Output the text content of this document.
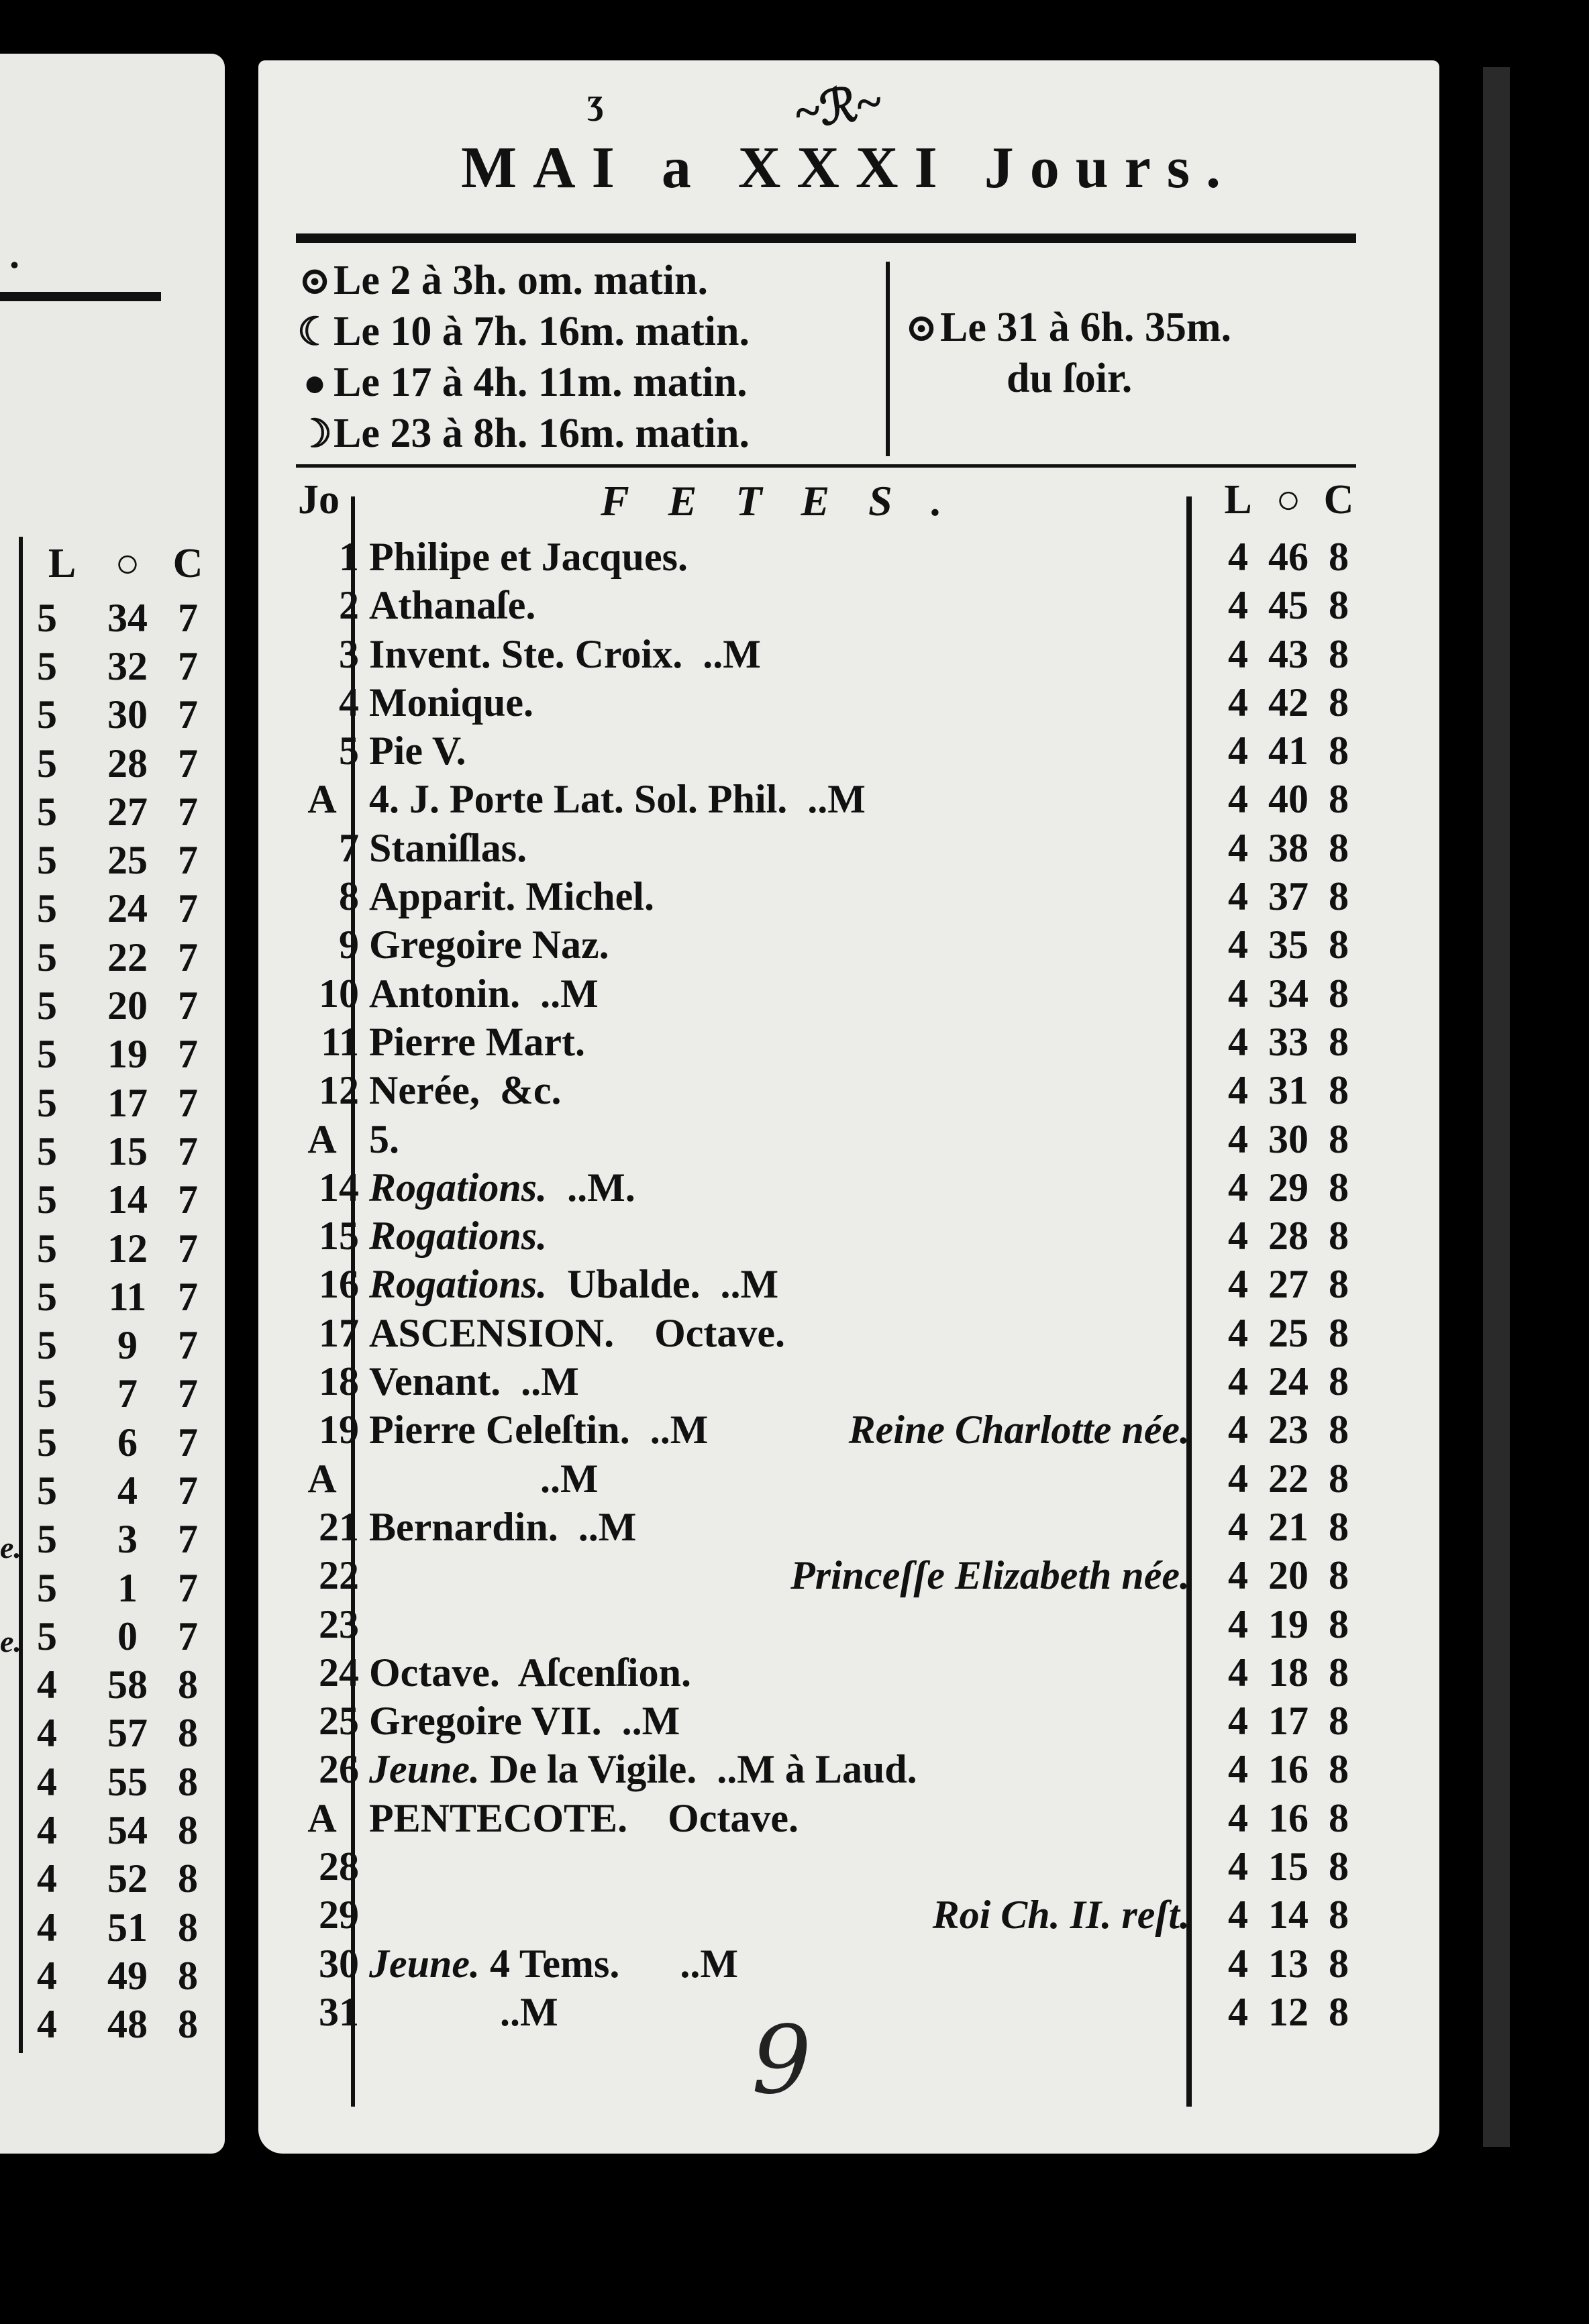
.
L ○ C
5	34 7
5	32 7
5	30 7
5	28 7
5	27 7
5	25 7
5	24 7
5	22 7
5	20 7
5	19 7
5	17 7
5	15 7
5	14 7
5	12 7
5	11 7
5	9	7
5	7	7
5	6	7
5	4	7
5	3	7
5	1	7
5	0	7
4	58 8
4	57 8
4	55 8
4	54 8
4	52 8
4	51 8
4	49 8
4	48 8
e.
e.
ʒ	~ℛ~
MAI a XXXI Jours.
⊙ Le 2 à 3h. om. matin.
☾ Le 10 à 7h. 16m. matin.
● Le 17 à 4h. 11m. matin.
☽ Le 23 à 8h. 16m. matin.
⊙ Le 31 à 6h. 35m.
du ſoir.
Jo	FETES.	L ○ C
1 Philipe et Jacques.	4 46 8
2 Athanaſe.	4 45 8
3 Invent. Ste. Croix.  ..M	4 43 8
4 Monique.	4 42 8
5 Pie V.	4 41 8
A 4. J. Porte Lat. Sol. Phil.  ..M	4 40 8
7 Staniſlas.	4 38 8
8 Apparit. Michel.	4 37 8
9 Gregoire Naz.	4 35 8
10 Antonin.  ..M	4 34 8
11 Pierre Mart.	4 33 8
12 Nerée,  &c.	4 31 8
A 5.	4 30 8
14 Rogations.  ..M.	4 29 8
15 Rogations.	4 28 8
16 Rogations.  Ubalde.  ..M	4 27 8
17 ASCENSION.    Octave.	4 25 8
18 Venant.  ..M	4 24 8
19 Pierre Celeſtin.  ..M	Reine Charlotte née. 4 23 8
A ..M	4 22 8
21 Bernardin.  ..M	4 21 8
22	Princeſſe Elizabeth née. 4 20 8
23	4 19 8
24 Octave.  Aſcenſion.	4 18 8
25 Gregoire VII.  ..M	4 17 8
26 Jeune. De la Vigile.  ..M à Laud.	4 16 8
A PENTECOTE.    Octave.	4 16 8
28	4 15 8
29	Roi Ch. II. reſt. 4 14 8
30 Jeune. 4 Tems.      ..M	4 13 8
31 ..M	4 12 8
9
